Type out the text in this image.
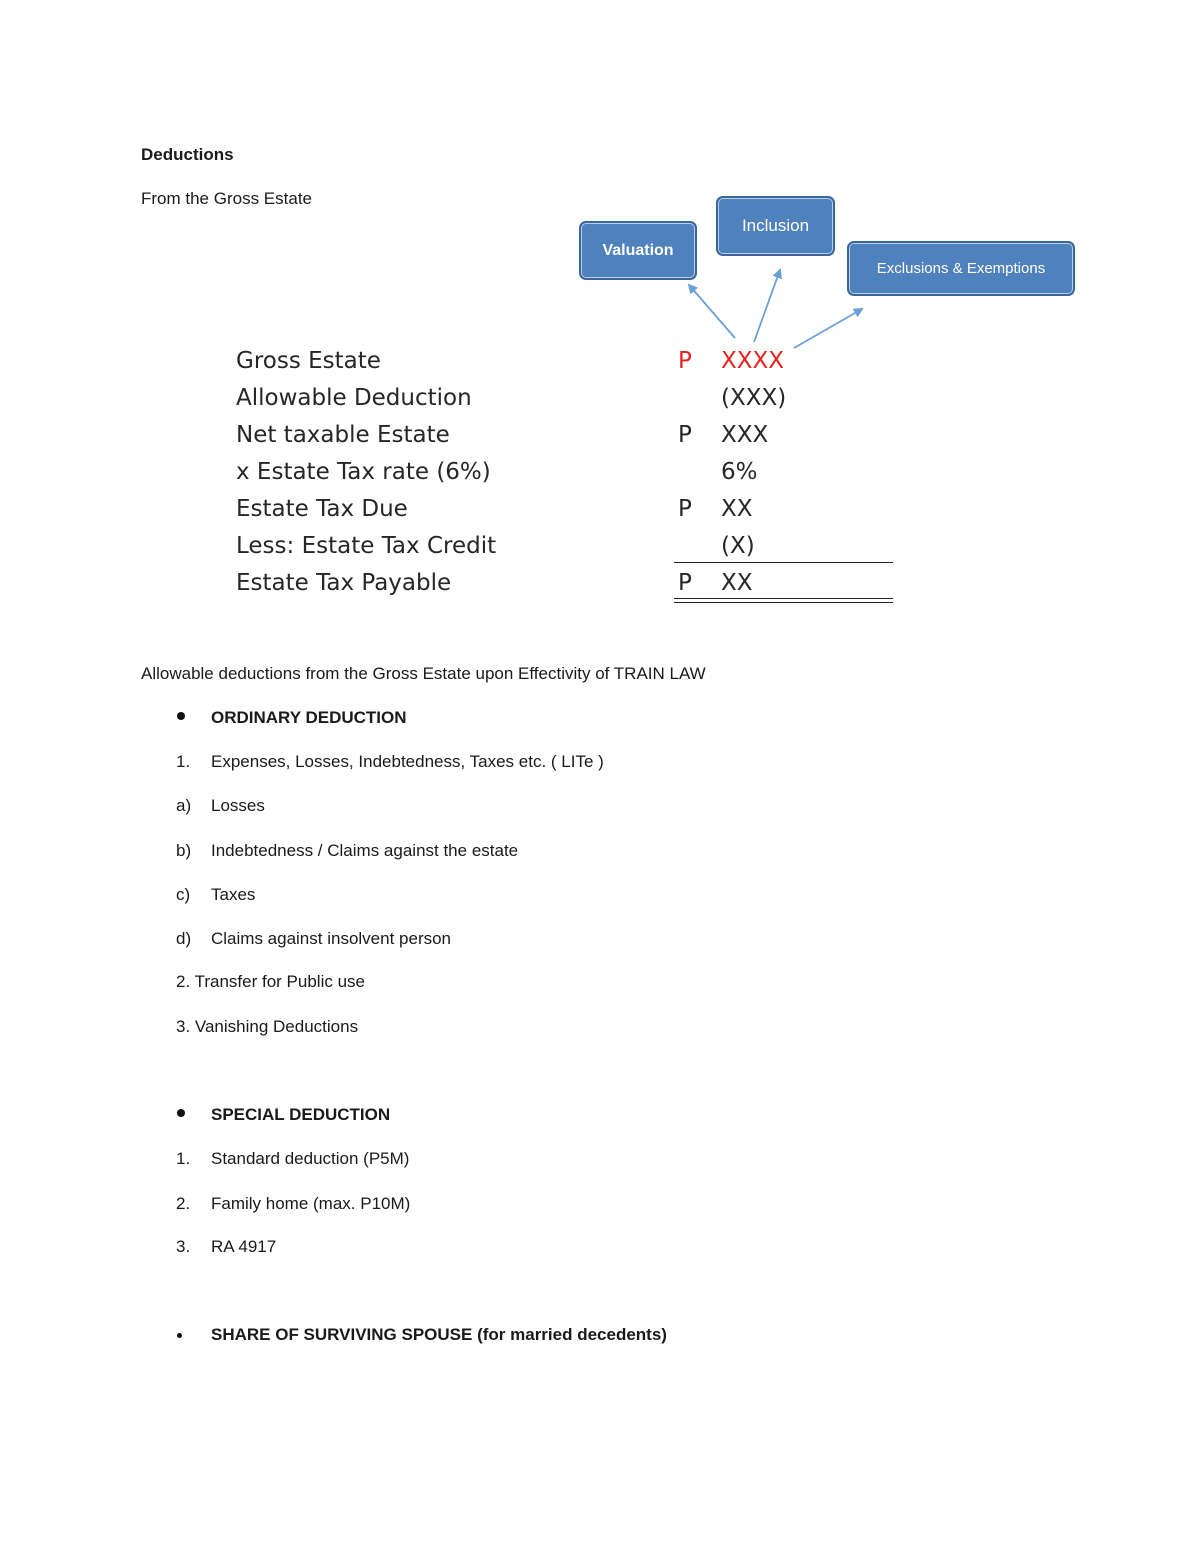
Deductions
From the Gross Estate
Valuation
Inclusion
Exclusions & Exemptions
Gross Estate	P XXXX
Allowable Deduction	(XXX)
Net taxable Estate	P XXX
x Estate Tax rate (6%)	6%
Estate Tax Due	P XX
Less: Estate Tax Credit	(X)
Estate Tax Payable	P XX
Allowable deductions from the Gross Estate upon Effectivity of TRAIN LAW
ORDINARY DEDUCTION
1. Expenses, Losses, Indebtedness, Taxes etc. ( LITe )
a) Losses
b) Indebtedness / Claims against the estate
c) Taxes
d) Claims against insolvent person
2. Transfer for Public use
3. Vanishing Deductions
SPECIAL DEDUCTION
1. Standard deduction (P5M)
2. Family home (max. P10M)
3. RA 4917
SHARE OF SURVIVING SPOUSE (for married decedents)
